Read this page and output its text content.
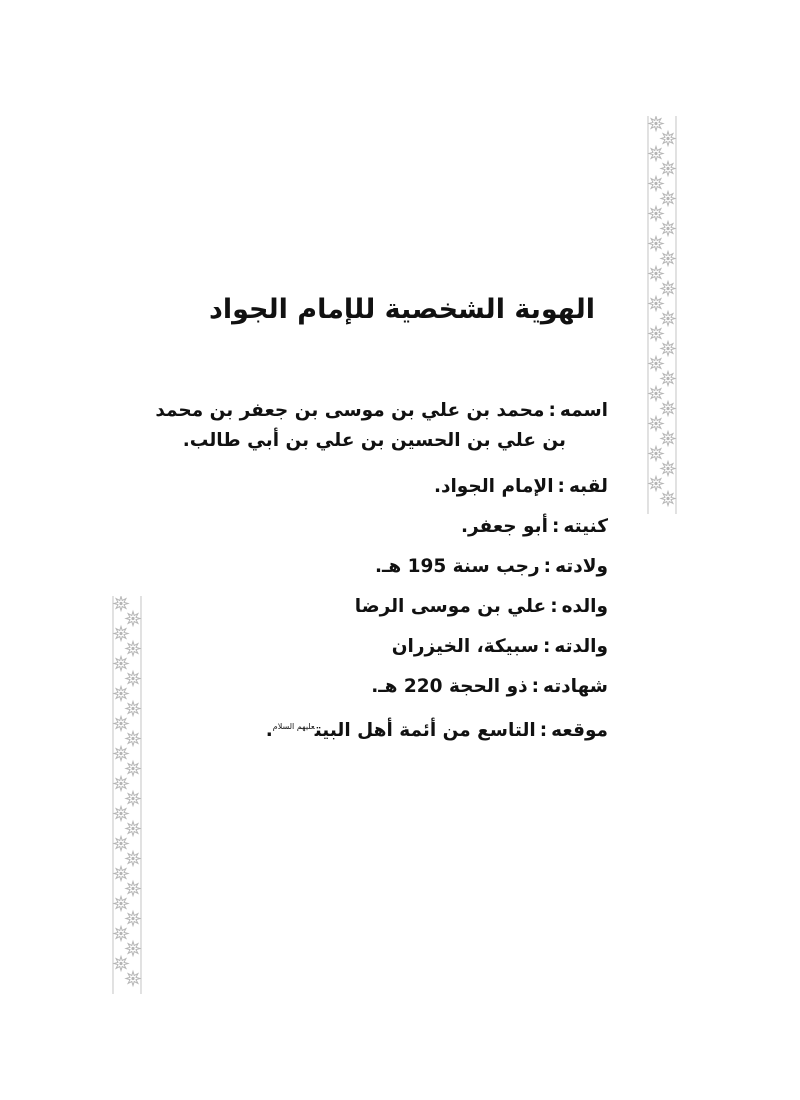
الهوية الشخصية للإمام الجواد
اسمه:محمد بن علي بن موسى بن جعفر بن محمد
بن علي بن الحسين بن علي بن أبي طالب.
لقبه:الإمام الجواد.
كنيته:أبو جعفر.
ولادته:رجب سنة 195 هـ.
والده:علي بن موسى الرضا
والدته:سبيكة، الخيزران
شهادته:ذو الحجة 220 هـ.
موقعه:التاسع من أئمة أهل البيت$^{عليهم السلام}$.
